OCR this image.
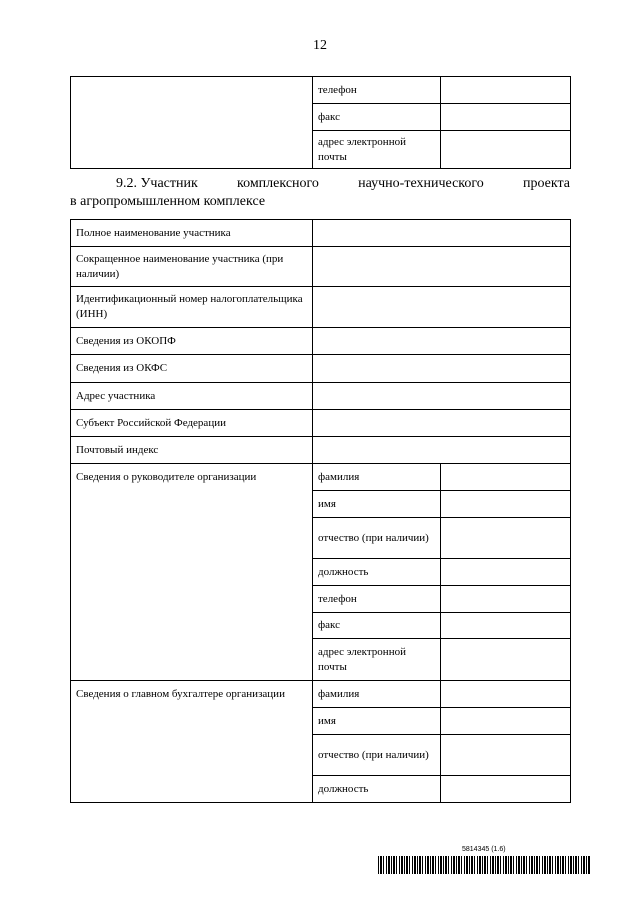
12
	телефон	
	факс	
	адрес электронной почты	
9.2. Участник	комплексного	научно-технического	проекта
в агропромышленном комплексе
Полное наименование участника		
Сокращенное наименование участника (при наличии)		
Идентификационный номер налогоплательщика (ИНН)		
Сведения из ОКОПФ		
Сведения из ОКФС		
Адрес участника		
Субъект Российской Федерации		
Почтовый индекс		
Сведения о руководителе организации	фамилия	
	имя	
	отчество (при наличии)	
	должность	
	телефон	
	факс	
	адрес электронной почты	
Сведения о главном бухгалтере организации	фамилия	
	имя	
	отчество (при наличии)	
	должность	
5814345 (1.6)
